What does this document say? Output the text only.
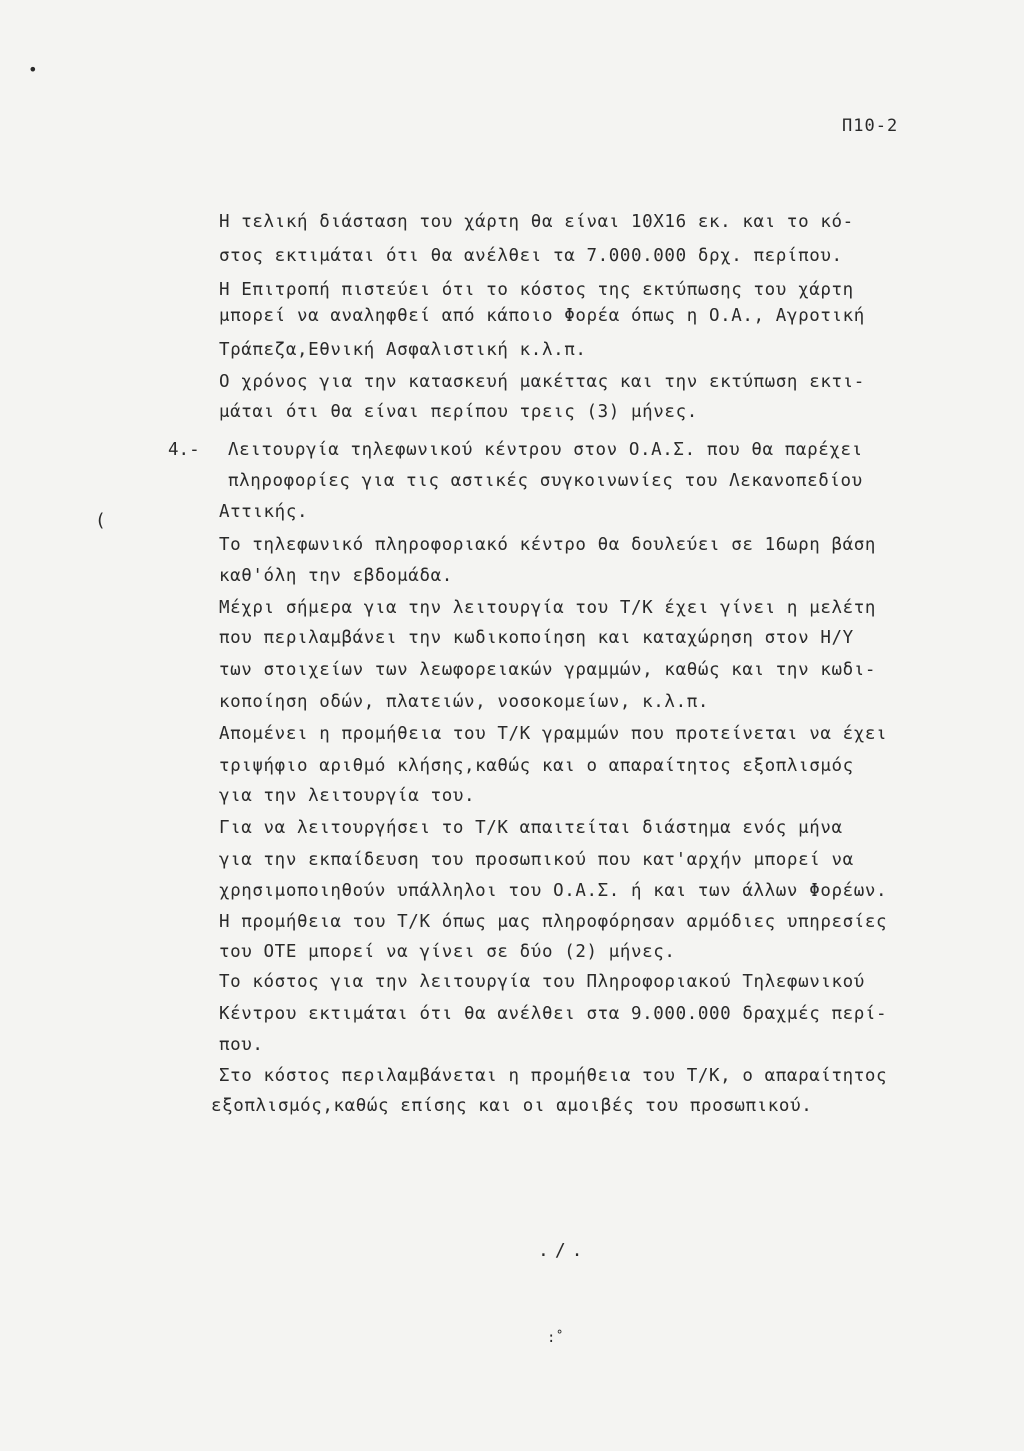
•
Π10-2
Η τελική διάσταση του χάρτη θα είναι 10Χ16 εκ. και το κό-
στος εκτιμάται ότι θα ανέλθει τα 7.000.000 δρχ. περίπου.
Η Επιτροπή πιστεύει ότι το κόστος της εκτύπωσης του χάρτη
μπορεί να αναληφθεί από κάποιο Φορέα όπως η Ο.Α., Αγροτική
Τράπεζα,Εθνική Ασφαλιστική κ.λ.π.
Ο χρόνος για την κατασκευή μακέττας και την εκτύπωση εκτι-
μάται ότι θα είναι περίπου τρεις (3) μήνες.
4.- Λειτουργία τηλεφωνικού κέντρου στον Ο.Α.Σ. που θα παρέχει
πληροφορίες για τις αστικές συγκοινωνίες του Λεκανοπεδίου
(	Αττικής.
Το τηλεφωνικό πληροφοριακό κέντρο θα δουλεύει σε 16ωρη βάση
καθ'όλη την εβδομάδα.
Μέχρι σήμερα για την λειτουργία του Τ/Κ έχει γίνει η μελέτη
που περιλαμβάνει την κωδικοποίηση και καταχώρηση στον Η/Υ
των στοιχείων των λεωφορειακών γραμμών, καθώς και την κωδι-
κοποίηση οδών, πλατειών, νοσοκομείων, κ.λ.π.
Απομένει η προμήθεια του Τ/Κ γραμμών που προτείνεται να έχει
τριψήφιο αριθμό κλήσης,καθώς και ο απαραίτητος εξοπλισμός
για την λειτουργία του.
Για να λειτουργήσει το Τ/Κ απαιτείται διάστημα ενός μήνα
για την εκπαίδευση του προσωπικού που κατ'αρχήν μπορεί να
χρησιμοποιηθούν υπάλληλοι του Ο.Α.Σ. ή και των άλλων Φορέων.
Η προμήθεια του Τ/Κ όπως μας πληροφόρησαν αρμόδιες υπηρεσίες
του ΟΤΕ μπορεί να γίνει σε δύο (2) μήνες.
Το κόστος για την λειτουργία του Πληροφοριακού Τηλεφωνικού
Κέντρου εκτιμάται ότι θα ανέλθει στα 9.000.000 δραχμές περί-
που.
Στο κόστος περιλαμβάνεται η προμήθεια του Τ/Κ, ο απαραίτητος
εξοπλισμός,καθώς επίσης και οι αμοιβές του προσωπικού.
./.
:˚
